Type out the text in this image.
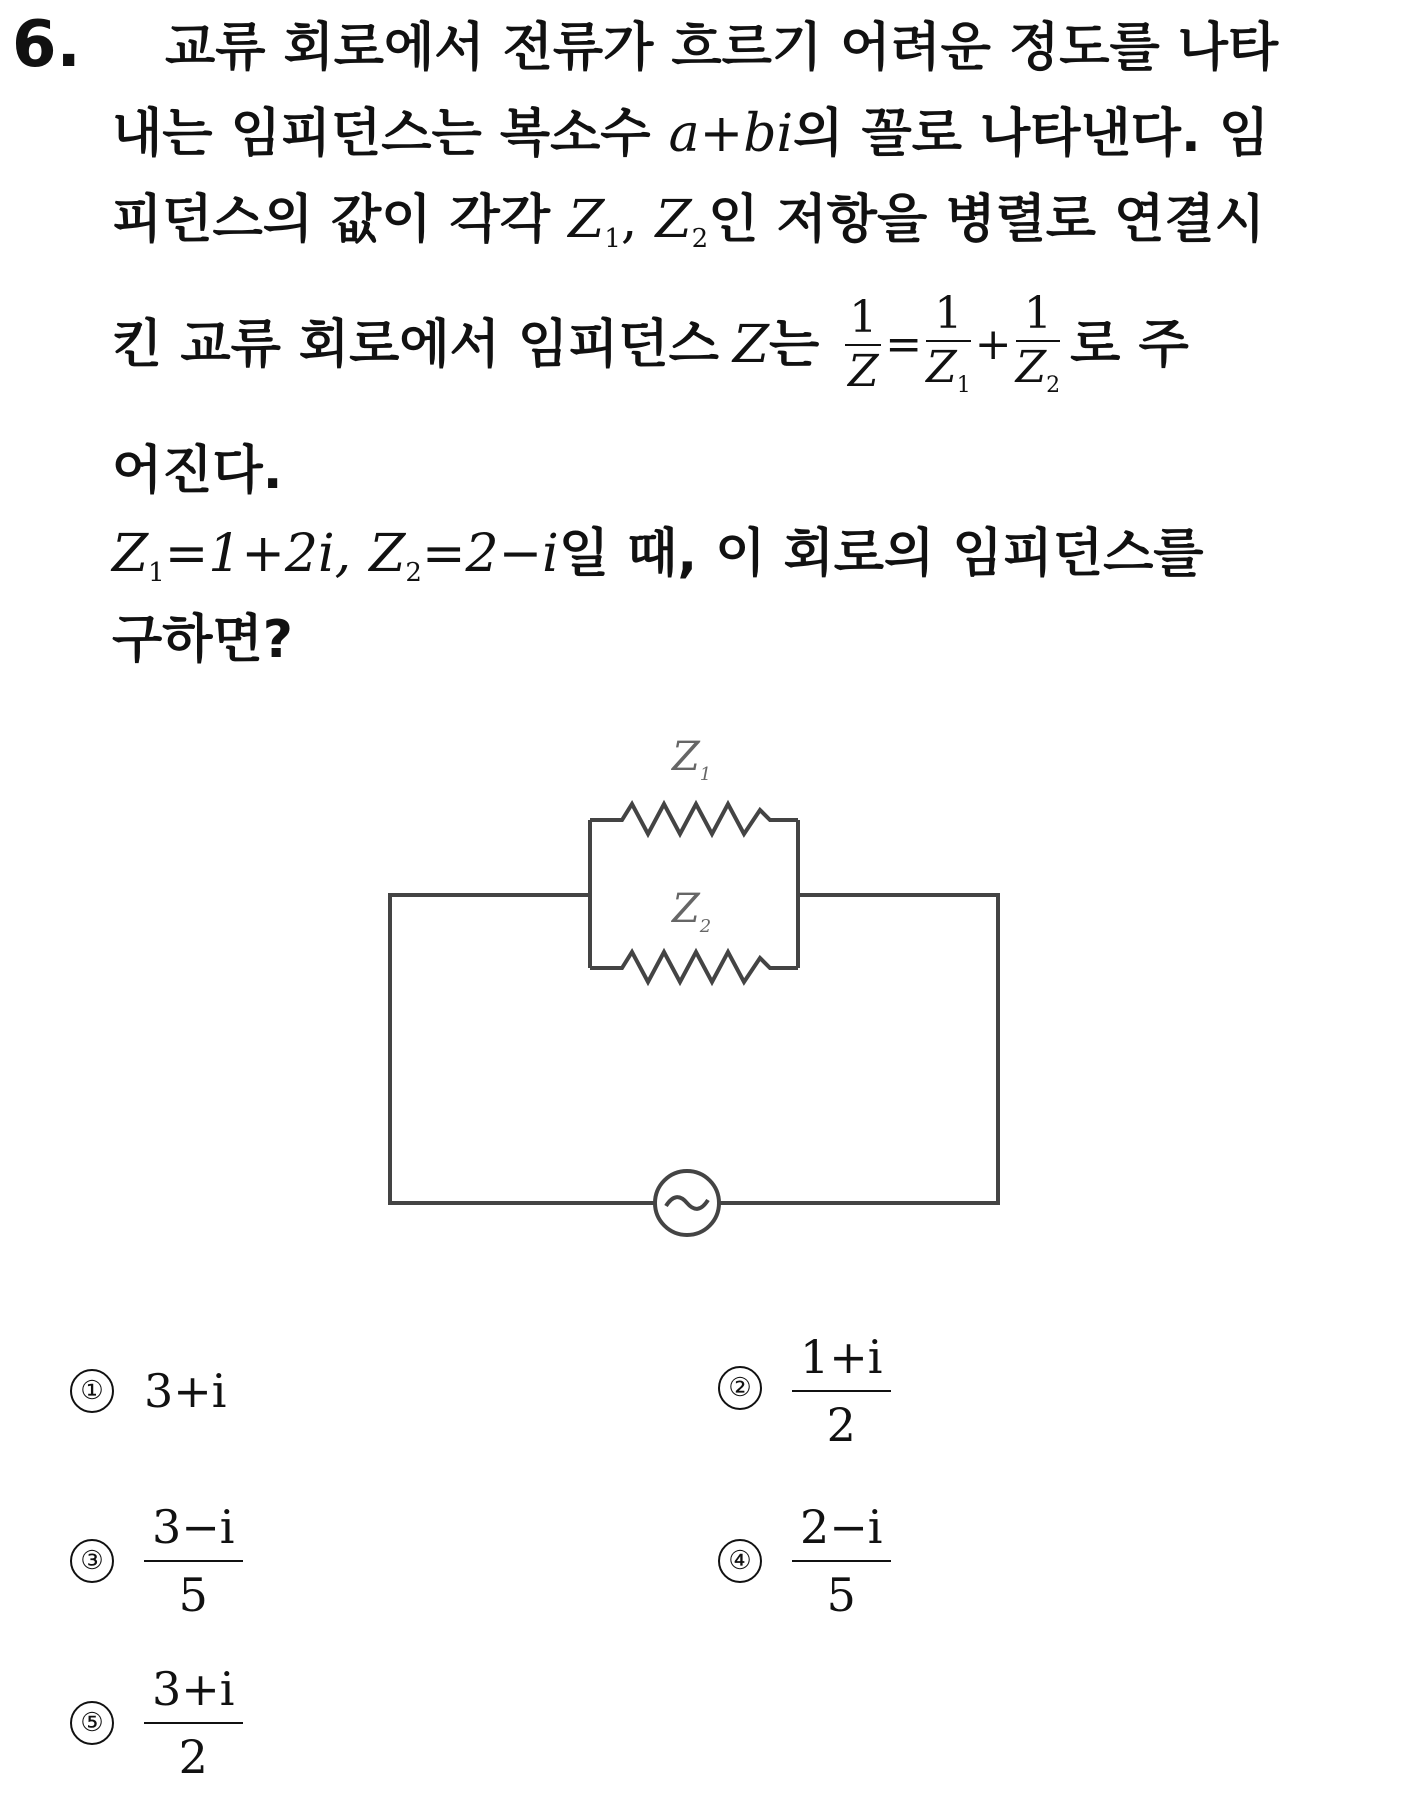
6. 교류 회로에서 전류가 흐르기 어려운 정도를 나타
내는 임피던스는 복소수 a+bi의 꼴로 나타낸다. 임
피던스의 값이 각각 $Z_1$, $Z_2$인 저항을 병렬로 연결시
킨 교류 회로에서 임피던스 Z 는 $\frac{1}{Z} = \frac{1}{Z_1} + \frac{1}{Z_2}$ 로 주
어진다.
$Z_1=1+2i$, $Z_2=2-i$일 때, 이 회로의 임피던스를
구하면?
$Z_1$
$Z_2$
① 3+i	② $\frac{1+i}{2}$
③ $\frac{3-i}{5}$	④ $\frac{2-i}{5}$
⑤ $\frac{3+i}{2}$
